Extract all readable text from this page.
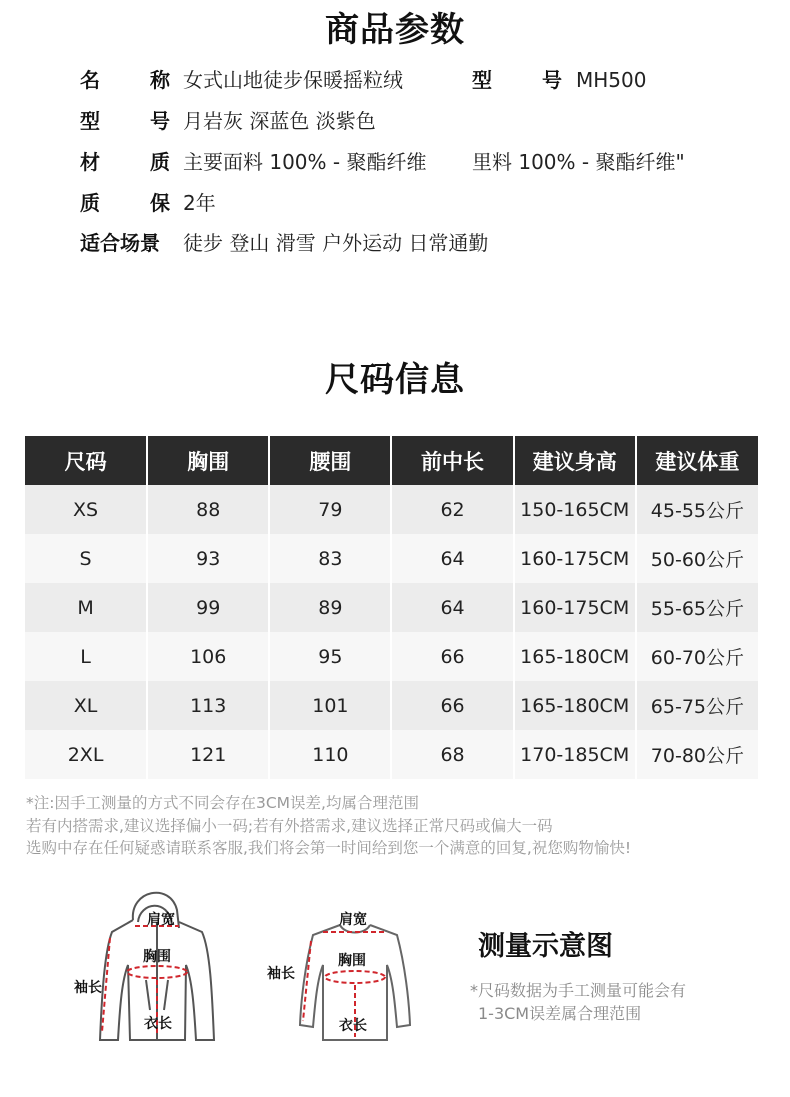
商品参数
名	称 女式山地徒步保暖摇粒绒	型	号 MH500
型	号 月岩灰 深蓝色 淡紫色
材	质 主要面料 100% - 聚酯纤维 里料 100% - 聚酯纤维"
质	保 2年
适合场景 徒步 登山 滑雪 户外运动 日常通勤
尺码信息
尺码	胸围	腰围	前中长	建议身高	建议体重
XS	88	79	62	150-165CM	45-55公斤
S	93	83	64	160-175CM	50-60公斤
M	99	89	64	160-175CM	55-65公斤
L	106	95	66	165-180CM	60-70公斤
XL	113	101	66	165-180CM	65-75公斤
2XL	121	110	68	170-185CM	70-80公斤
*注:因手工测量的方式不同会存在3CM误差,均属合理范围
若有内搭需求,建议选择偏小一码;若有外搭需求,建议选择正常尺码或偏大一码
选购中存在任何疑惑请联系客服,我们将会第一时间给到您一个满意的回复,祝您购物愉快!
肩宽
胸围
袖长
衣长
肩宽
胸围
袖长
衣长
测量示意图
*尺码数据为手工测量可能会有
1-3CM误差属合理范围
